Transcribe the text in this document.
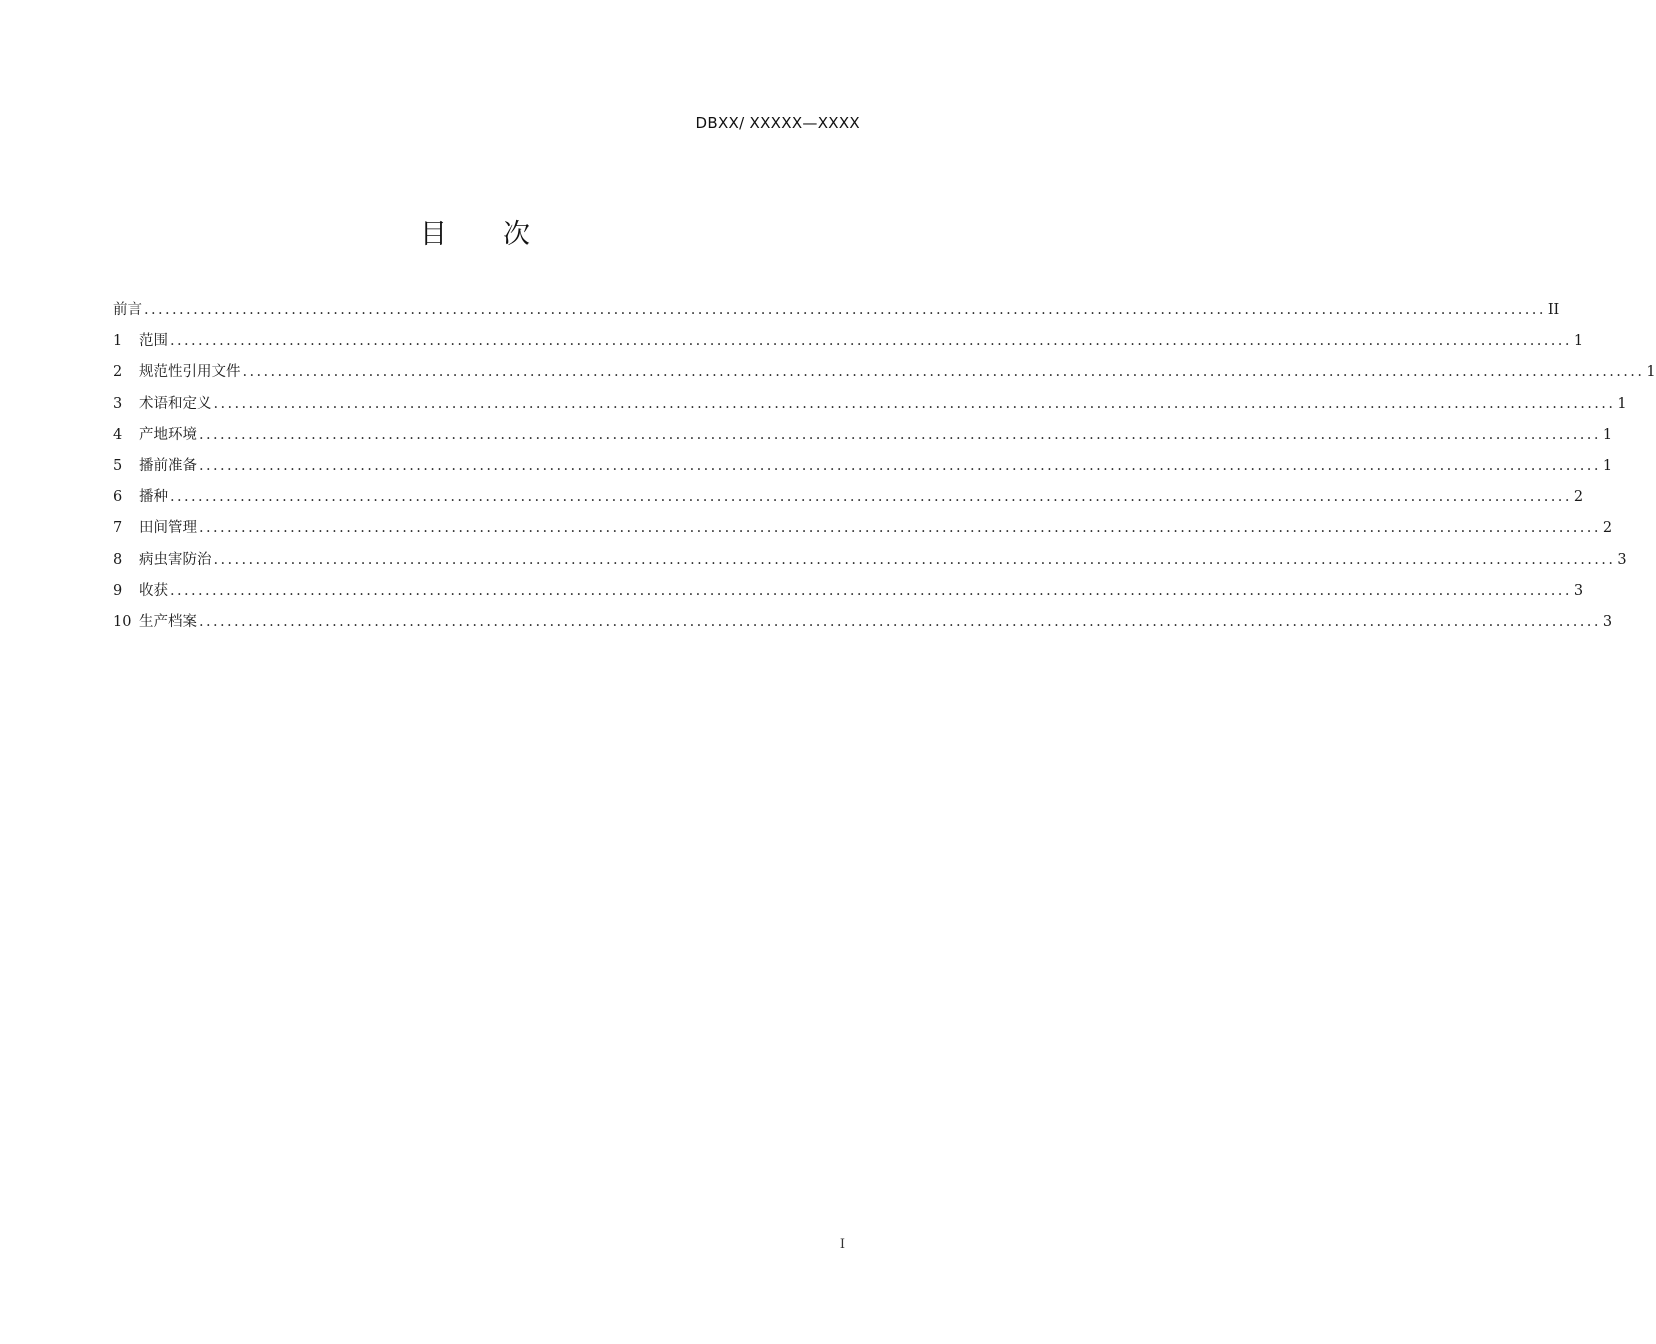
DBXX/ XXXXX—XXXX
目 次
前言 ........................................................................................................................................................................................................ II
1	范围 ........................................................................................................................................................................................................ 1
2	规范性引用文件 ........................................................................................................................................................................................................ 1
3	术语和定义 ........................................................................................................................................................................................................ 1
4	产地环境 ........................................................................................................................................................................................................ 1
5	播前准备 ........................................................................................................................................................................................................ 1
6	播种 ........................................................................................................................................................................................................ 2
7	田间管理 ........................................................................................................................................................................................................ 2
8	病虫害防治 ........................................................................................................................................................................................................ 3
9	收获 ........................................................................................................................................................................................................ 3
10 生产档案 ........................................................................................................................................................................................................ 3
I
